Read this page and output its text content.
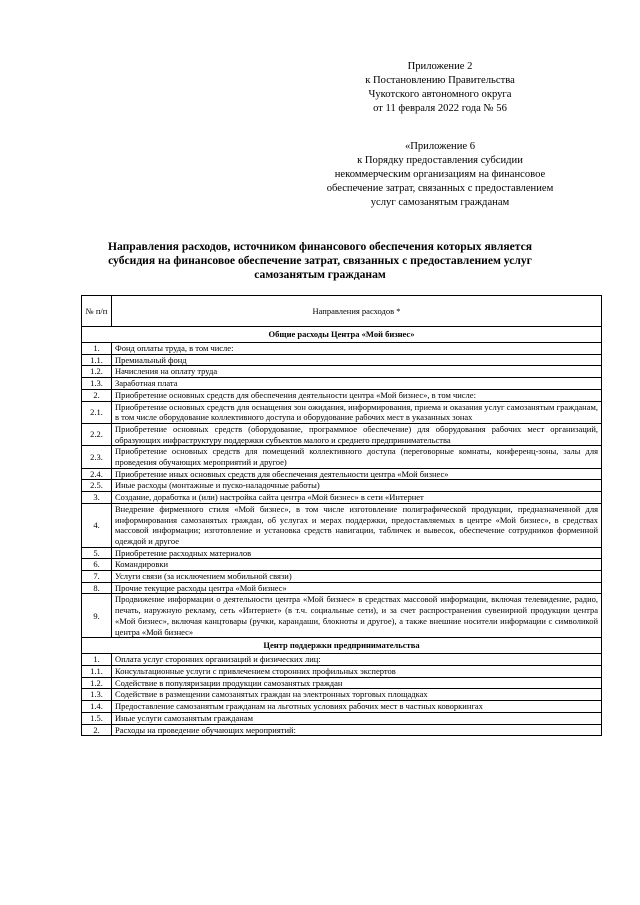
Приложение 2
к Постановлению Правительства
Чукотского автономного округа
от 11 февраля 2022 года № 56
«Приложение 6
к Порядку предоставления субсидии
некоммерческим организациям на финансовое
обеспечение затрат, связанных с предоставлением
услуг самозанятым гражданам
Направления расходов, источником финансового обеспечения которых является
субсидия на финансовое обеспечение затрат, связанных с предоставлением услуг
самозанятым гражданам
№ п/п	Направления расходов *
Общие расходы Центра «Мой бизнес»	
1.	Фонд оплаты труда, в том числе:
1.1.	Премиальный фонд
1.2.	Начисления на оплату труда
1.3.	Заработная плата
2.	Приобретение основных средств для обеспечения деятельности центра «Мой бизнес», в том числе:
2.1.	Приобретение основных средств для оснащения зон ожидания, информирования, приема и оказания услуг самозанятым гражданам, в том числе оборудование коллективного доступа и оборудование рабочих мест в указанных зонах
2.2.	Приобретение основных средств (оборудование, программное обеспечение) для оборудования рабочих мест организаций, образующих инфраструктуру поддержки субъектов малого и среднего предпринимательства
2.3.	Приобретение основных средств для помещений коллективного доступа (переговорные комнаты, конференц-зоны, залы для проведения обучающих мероприятий и другое)
2.4.	Приобретение иных основных средств для обеспечения деятельности центра «Мой бизнес»
2.5.	Иные расходы (монтажные и пуско-наладочные работы)
3.	Создание, доработка и (или) настройка сайта центра «Мой бизнес» в сети «Интернет
4.	Внедрение фирменного стиля «Мой бизнес», в том числе изготовление полиграфической продукции, предназначенной для информирования самозанятых граждан, об услугах и мерах поддержки, предоставляемых в центре «Мой бизнес», в средствах массовой информации; изготовление и установка средств навигации, табличек и вывесок, обеспечение сотрудников форменной одеждой и другое
5.	Приобретение расходных материалов
6.	Командировки
7.	Услуги связи (за исключением мобильной связи)
8.	Прочие текущие расходы центра «Мой бизнес»
9.	Продвижение информации о деятельности центра «Мой бизнес» в средствах массовой информации, включая телевидение, радио, печать, наружную рекламу, сеть «Интернет» (в т.ч. социальные сети), и за счет распространения сувенирной продукции центра «Мой бизнес», включая канцтовары (ручки, карандаши, блокноты и другое), а также внешние носители информации с символикой центра «Мой бизнес»
Центр поддержки предпринимательства	
1.	Оплата услуг сторонних организаций и физических лиц:
1.1.	Консультационные услуги с привлечением сторонних профильных экспертов
1.2.	Содействие в популяризации продукции самозанятых граждан
1.3.	Содействие в размещении самозанятых граждан на электронных торговых площадках
1.4.	Предоставление самозанятым гражданам на льготных условиях рабочих мест в частных коворкингах
1.5.	Иные услуги самозанятым гражданам
2.	Расходы на проведение обучающих мероприятий:
